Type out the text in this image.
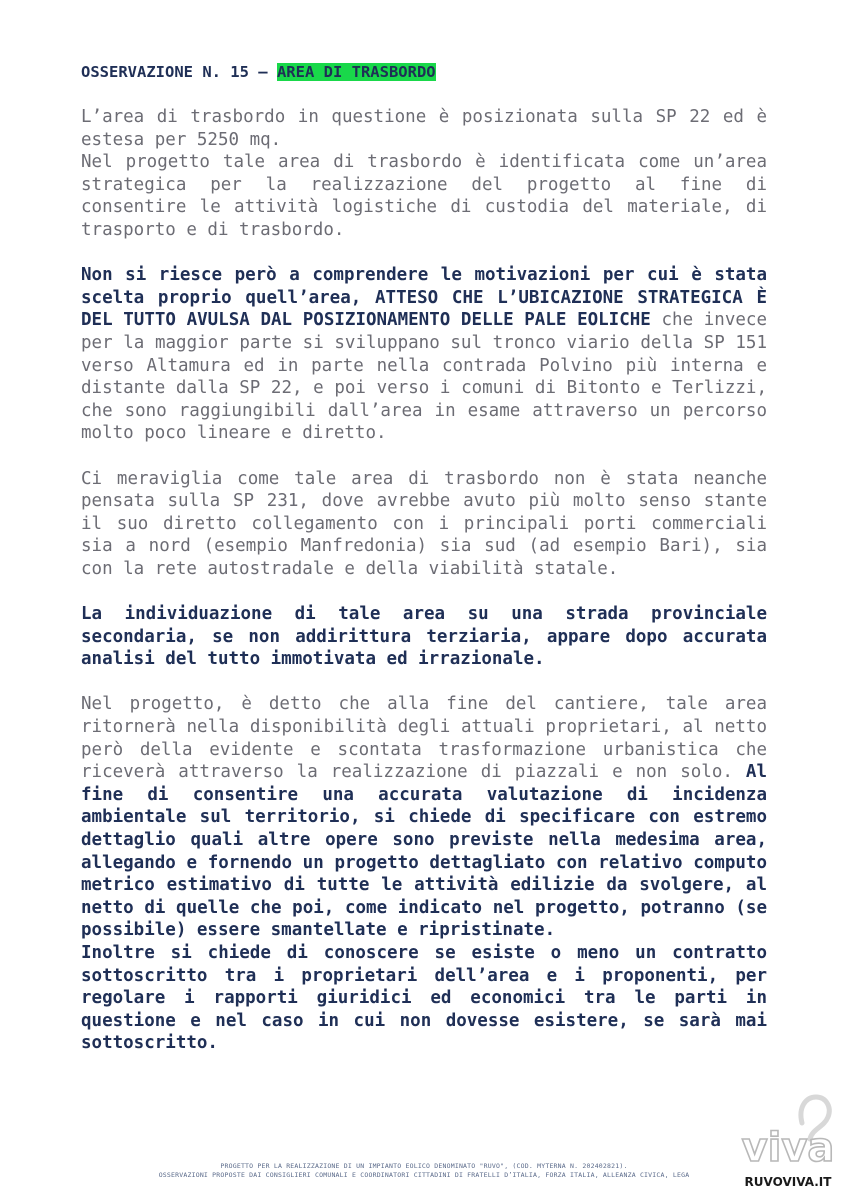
OSSERVAZIONE N. 15 – AREA DI TRASBORDO

L’area di trasbordo in questione è posizionata sulla SP 22 ed è estesa per 5250 mq.

Nel progetto tale area di trasbordo è identificata come un’area strategica per la realizzazione del progetto al fine di consentire le attività logistiche di custodia del materiale, di trasporto e di trasbordo.

Non si riesce però a comprendere le motivazioni per cui è stata scelta proprio quell’area, ATTESO CHE L’UBICAZIONE STRATEGICA È DEL TUTTO AVULSA DAL POSIZIONAMENTO DELLE PALE EOLICHE che invece per la maggior parte si sviluppano sul tronco viario della SP 151 verso Altamura ed in parte nella contrada Polvino più interna e distante dalla SP 22, e poi verso i comuni di Bitonto e Terlizzi, che sono raggiungibili dall’area in esame attraverso un percorso molto poco lineare e diretto.

Ci meraviglia come tale area di trasbordo non è stata neanche pensata sulla SP 231, dove avrebbe avuto più molto senso stante il suo diretto collegamento con i principali porti commerciali sia a nord (esempio Manfredonia) sia sud (ad esempio Bari), sia con la rete autostradale e della viabilità statale.

La individuazione di tale area su una strada provinciale secondaria, se non addirittura terziaria, appare dopo accurata analisi del tutto immotivata ed irrazionale.

Nel progetto, è detto che alla fine del cantiere, tale area ritornerà nella disponibilità degli attuali proprietari, al netto però della evidente e scontata trasformazione urbanistica che riceverà attraverso la realizzazione di piazzali e non solo. Al fine di consentire una accurata valutazione di incidenza ambientale sul territorio, si chiede di specificare con estremo dettaglio quali altre opere sono previste nella medesima area, allegando e fornendo un progetto dettagliato con relativo computo metrico estimativo di tutte le attività edilizie da svolgere, al netto di quelle che poi, come indicato nel progetto, potranno (se possibile) essere smantellate e ripristinate.

Inoltre si chiede di conoscere se esiste o meno un contratto sottoscritto tra i proprietari dell’area e i proponenti, per regolare i rapporti giuridici ed economici tra le parti in questione e nel caso in cui non dovesse esistere, se sarà mai sottoscritto.

PROGETTO PER LA REALIZZAZIONE DI UN IMPIANTO EOLICO DENOMINATO "RUVO", (COD. MYTERNA N. 202402821).
OSSERVAZIONI PROPOSTE DAI CONSIGLIERI COMUNALI E COORDINATORI CITTADINI DI FRATELLI D’ITALIA, FORZA ITALIA, ALLEANZA CIVICA, LEGA
viva
RUVOVIVA.IT
